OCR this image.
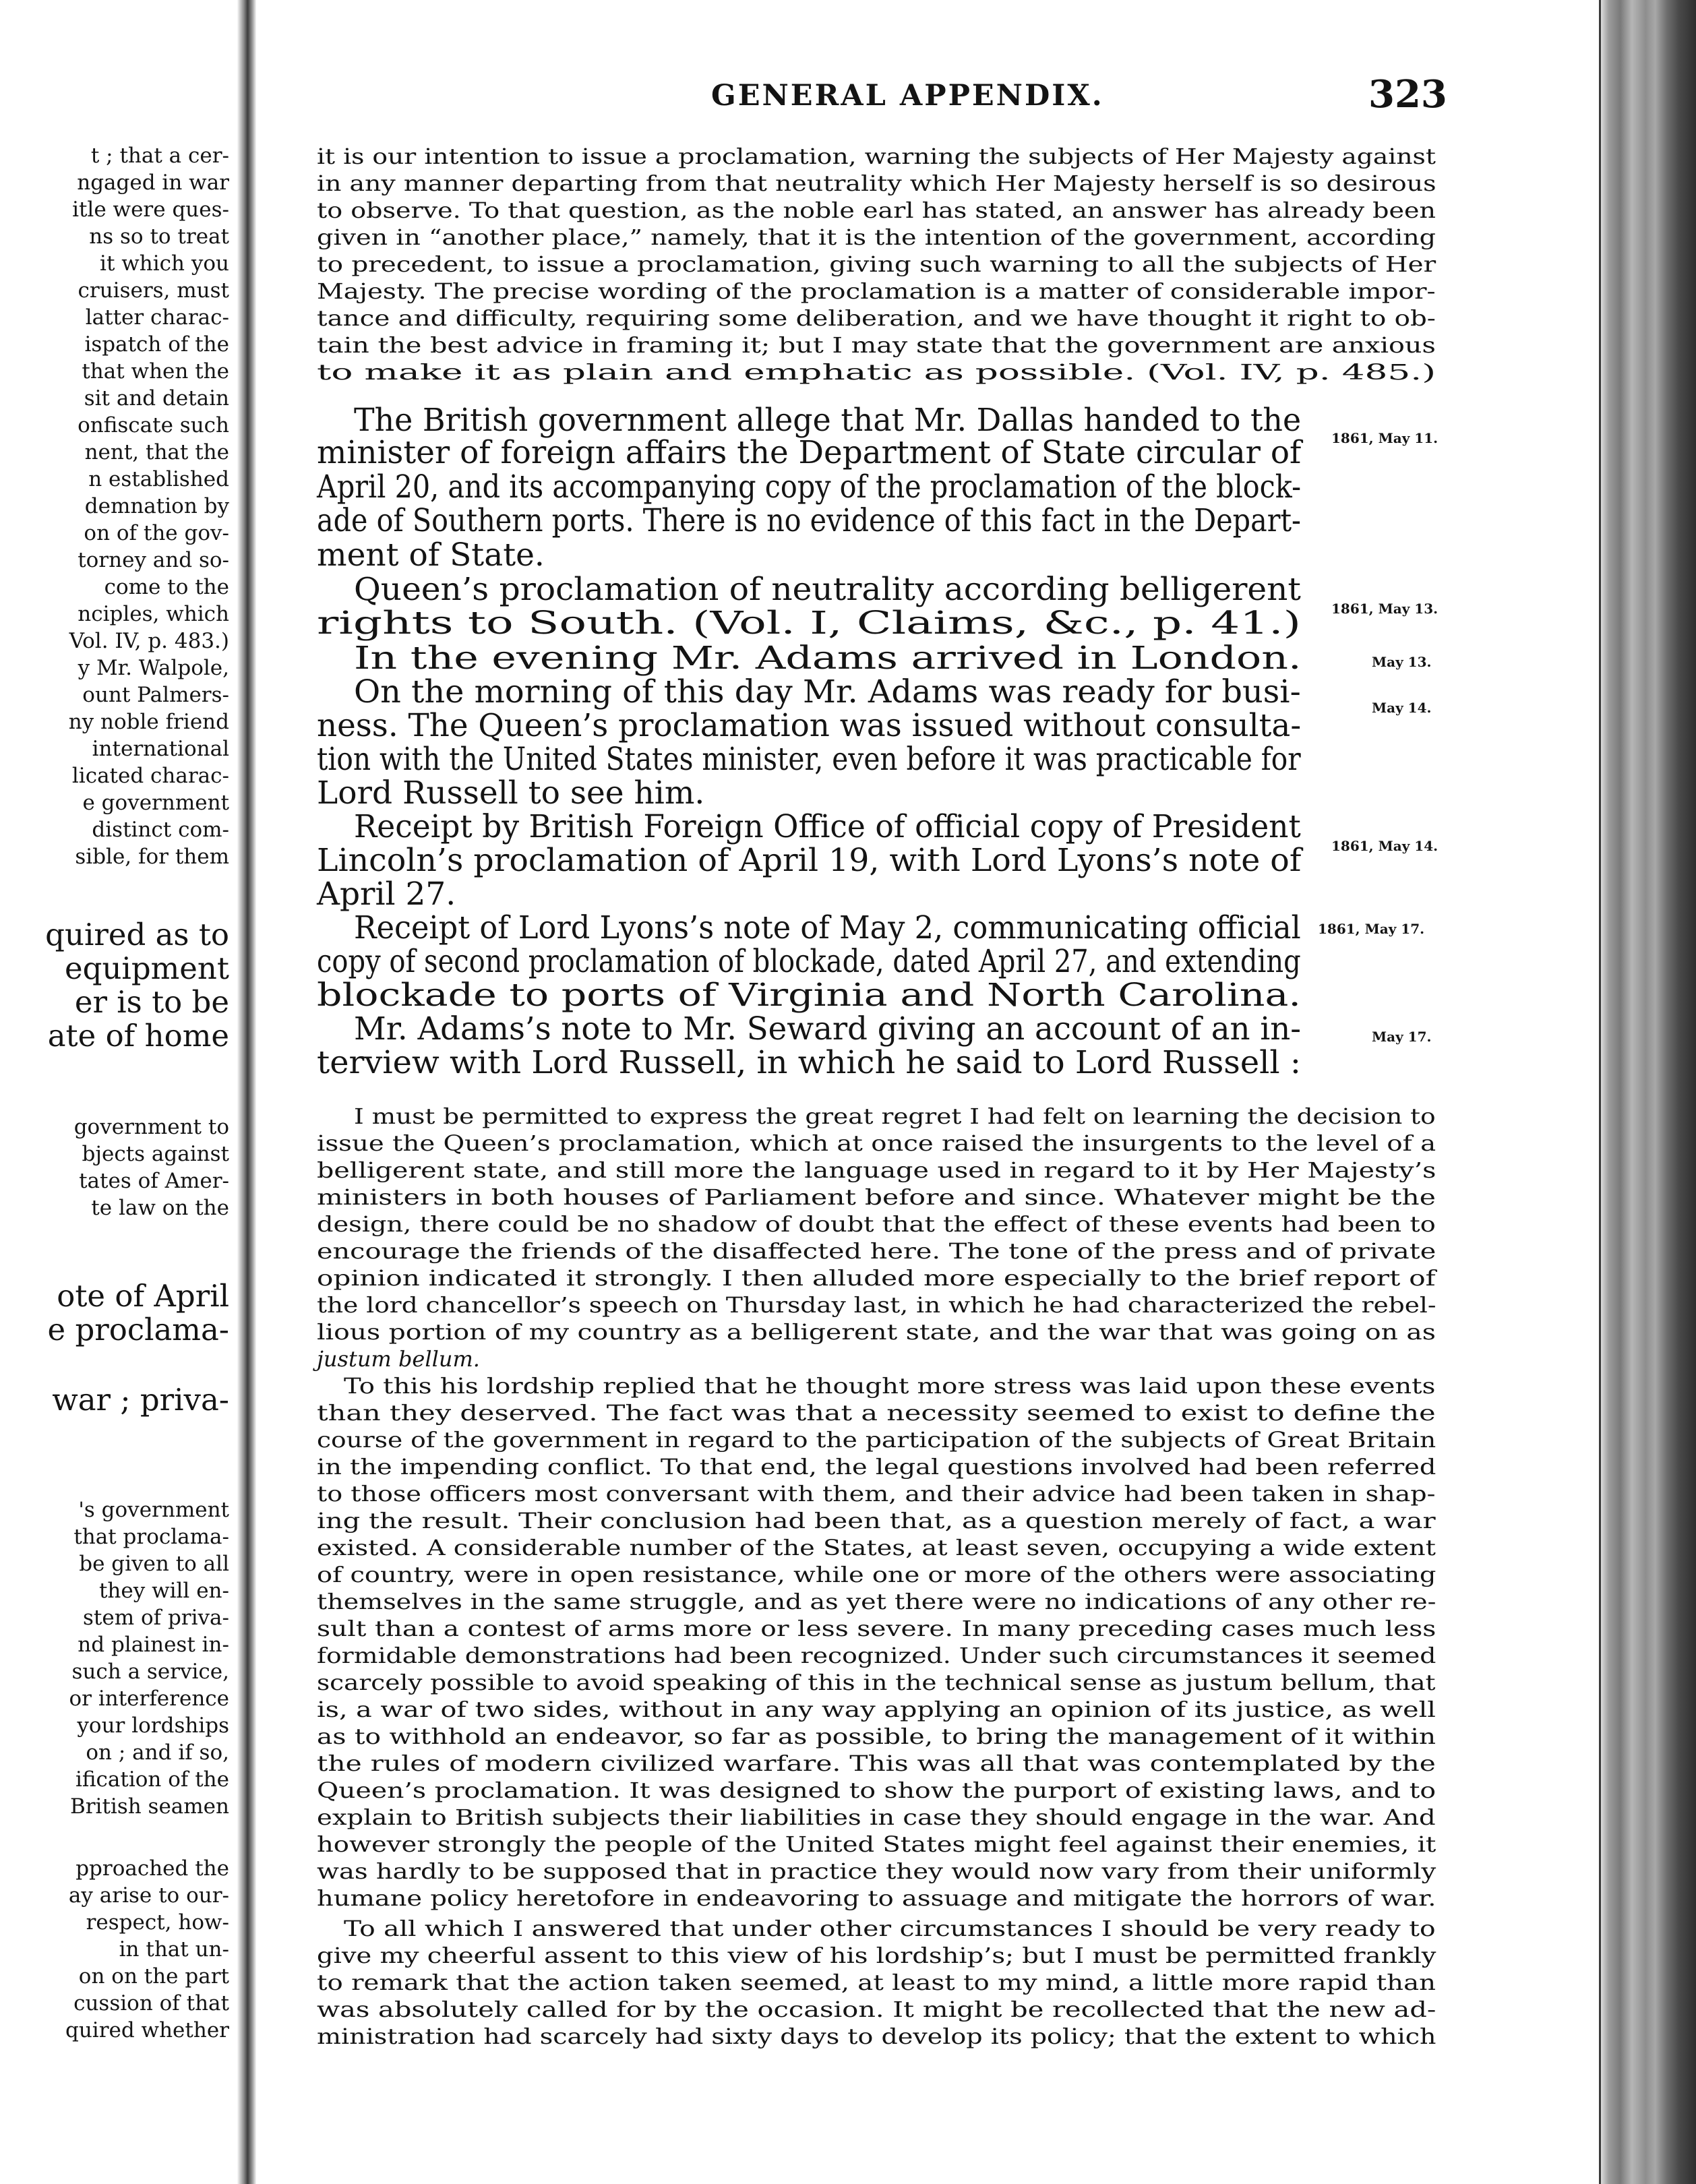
t ; that a cer-
ngaged in war
itle were ques-
ns so to treat
it which you
cruisers, must
latter charac-
ispatch of the
that when the
sit and detain
onfiscate such
nent, that the
n established
demnation by
on of the gov-
torney and so-
come to the
nciples, which
Vol. IV, p. 483.)
y Mr. Walpole,
ount Palmers-
ny noble friend
international
licated charac-
e government
distinct com-
sible, for them
quired as to
equipment
er is to be
ate of home
government to
bjects against
tates of Amer-
te law on the
ote of April
e proclama-
war ; priva-
's government
that proclama-
be given to all
they will en-
stem of priva-
nd plainest in-
such a service,
or interference
your lordships
on ; and if so,
ification of the
British seamen
pproached the
ay arise to our-
respect, how-
in that un-
on on the part
cussion of that
quired whether
GENERAL APPENDIX.	323
it is our intention to issue a proclamation, warning the subjects of Her Majesty against
in any manner departing from that neutrality which Her Majesty herself is so desirous
to observe. To that question, as the noble earl has stated, an answer has already been
given in “another place,” namely, that it is the intention of the government, according
to precedent, to issue a proclamation, giving such warning to all the subjects of Her
Majesty. The precise wording of the proclamation is a matter of considerable impor-
tance and difficulty, requiring some deliberation, and we have thought it right to ob-
tain the best advice in framing it; but I may state that the government are anxious
to make it as plain and emphatic as possible. (Vol. IV, p. 485.)
The British government allege that Mr. Dallas handed to the
minister of foreign affairs the Department of State circular of
April 20, and its accompanying copy of the proclamation of the block-
ade of Southern ports. There is no evidence of this fact in the Depart-
ment of State.
Queen’s proclamation of neutrality according belligerent
rights to South. (Vol. I, Claims, &c., p. 41.)
In the evening Mr. Adams arrived in London.
On the morning of this day Mr. Adams was ready for busi-
ness. The Queen’s proclamation was issued without consulta-
tion with the United States minister, even before it was practicable for
Lord Russell to see him.
Receipt by British Foreign Office of official copy of President
Lincoln’s proclamation of April 19, with Lord Lyons’s note of
April 27.
Receipt of Lord Lyons’s note of May 2, communicating official
copy of second proclamation of blockade, dated April 27, and extending
blockade to ports of Virginia and North Carolina.
Mr. Adams’s note to Mr. Seward giving an account of an in-
terview with Lord Russell, in which he said to Lord Russell :
1861, May 11.
1861, May 13.
May 13.
May 14.
1861, May 14.
1861, May 17.
May 17.
I must be permitted to express the great regret I had felt on learning the decision to
issue the Queen’s proclamation, which at once raised the insurgents to the level of a
belligerent state, and still more the language used in regard to it by Her Majesty’s
ministers in both houses of Parliament before and since. Whatever might be the
design, there could be no shadow of doubt that the effect of these events had been to
encourage the friends of the disaffected here. The tone of the press and of private
opinion indicated it strongly. I then alluded more especially to the brief report of
the lord chancellor’s speech on Thursday last, in which he had characterized the rebel-
lious portion of my country as a belligerent state, and the war that was going on as
justum bellum.
To this his lordship replied that he thought more stress was laid upon these events
than they deserved. The fact was that a necessity seemed to exist to define the
course of the government in regard to the participation of the subjects of Great Britain
in the impending conflict. To that end, the legal questions involved had been referred
to those officers most conversant with them, and their advice had been taken in shap-
ing the result. Their conclusion had been that, as a question merely of fact, a war
existed. A considerable number of the States, at least seven, occupying a wide extent
of country, were in open resistance, while one or more of the others were associating
themselves in the same struggle, and as yet there were no indications of any other re-
sult than a contest of arms more or less severe. In many preceding cases much less
formidable demonstrations had been recognized. Under such circumstances it seemed
scarcely possible to avoid speaking of this in the technical sense as justum bellum, that
is, a war of two sides, without in any way applying an opinion of its justice, as well
as to withhold an endeavor, so far as possible, to bring the management of it within
the rules of modern civilized warfare. This was all that was contemplated by the
Queen’s proclamation. It was designed to show the purport of existing laws, and to
explain to British subjects their liabilities in case they should engage in the war. And
however strongly the people of the United States might feel against their enemies, it
was hardly to be supposed that in practice they would now vary from their uniformly
humane policy heretofore in endeavoring to assuage and mitigate the horrors of war.
To all which I answered that under other circumstances I should be very ready to
give my cheerful assent to this view of his lordship’s; but I must be permitted frankly
to remark that the action taken seemed, at least to my mind, a little more rapid than
was absolutely called for by the occasion. It might be recollected that the new ad-
ministration had scarcely had sixty days to develop its policy; that the extent to which
